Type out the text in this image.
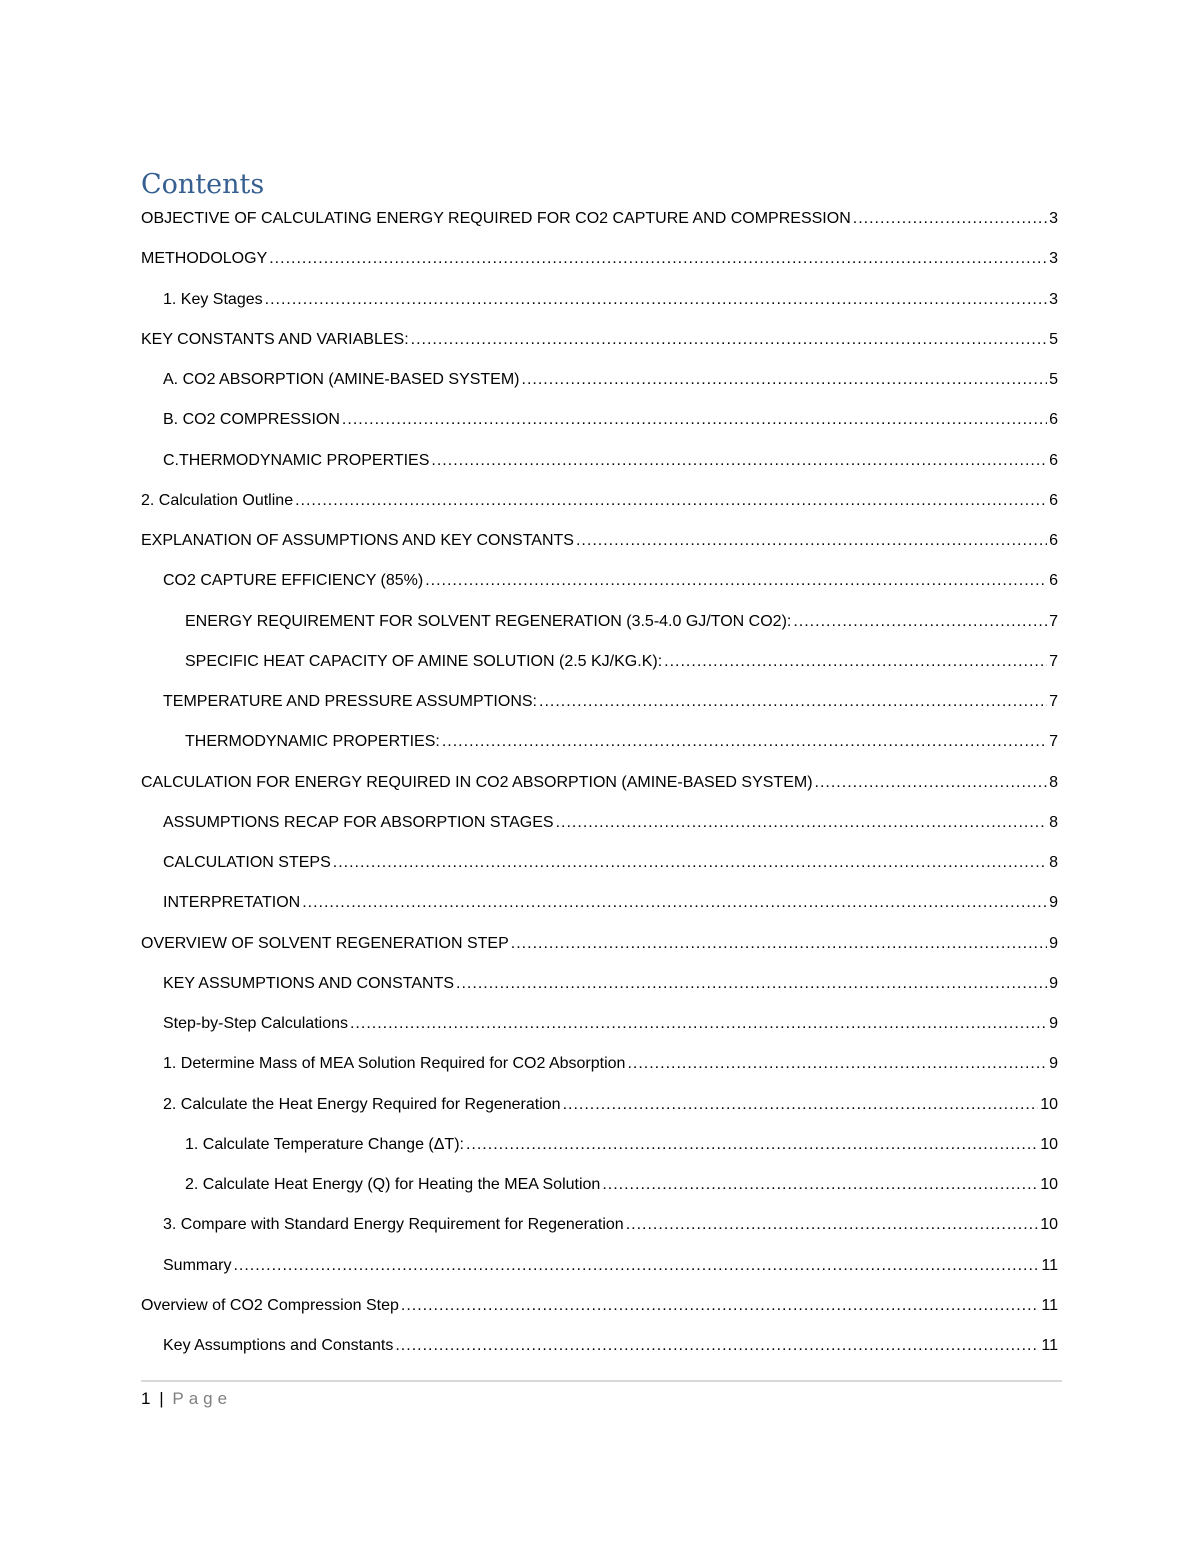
Contents
OBJECTIVE OF CALCULATING ENERGY REQUIRED FOR CO2 CAPTURE AND COMPRESSION .....	3
METHODOLOGY .....	3
1. Key Stages .....	3
KEY CONSTANTS AND VARIABLES: .....	5
A. CO2 ABSORPTION (AMINE-BASED SYSTEM) .....	5
B. CO2 COMPRESSION .....	6
C.THERMODYNAMIC PROPERTIES .....	6
2. Calculation Outline .....	6
EXPLANATION OF ASSUMPTIONS AND KEY CONSTANTS .....	6
CO2 CAPTURE EFFICIENCY (85%) .....	6
ENERGY REQUIREMENT FOR SOLVENT REGENERATION (3.5-4.0 GJ/TON CO2): .....	7
SPECIFIC HEAT CAPACITY OF AMINE SOLUTION (2.5 KJ/KG.K): .....	7
TEMPERATURE AND PRESSURE ASSUMPTIONS: .....	7
THERMODYNAMIC PROPERTIES: .....	7
CALCULATION FOR ENERGY REQUIRED IN CO2 ABSORPTION (AMINE-BASED SYSTEM) .....	8
ASSUMPTIONS RECAP FOR ABSORPTION STAGES .....	8
CALCULATION STEPS .....	8
INTERPRETATION .....	9
OVERVIEW OF SOLVENT REGENERATION STEP .....	9
KEY ASSUMPTIONS AND CONSTANTS .....	9
Step-by-Step Calculations .....	9
1. Determine Mass of MEA Solution Required for CO2 Absorption .....	9
2. Calculate the Heat Energy Required for Regeneration .....	10
1. Calculate Temperature Change (ΔT): .....	10
2. Calculate Heat Energy (Q) for Heating the MEA Solution .....	10
3. Compare with Standard Energy Requirement for Regeneration .....	10
Summary .....	11
Overview of CO2 Compression Step .....	11
Key Assumptions and Constants .....	11
1 | Page
